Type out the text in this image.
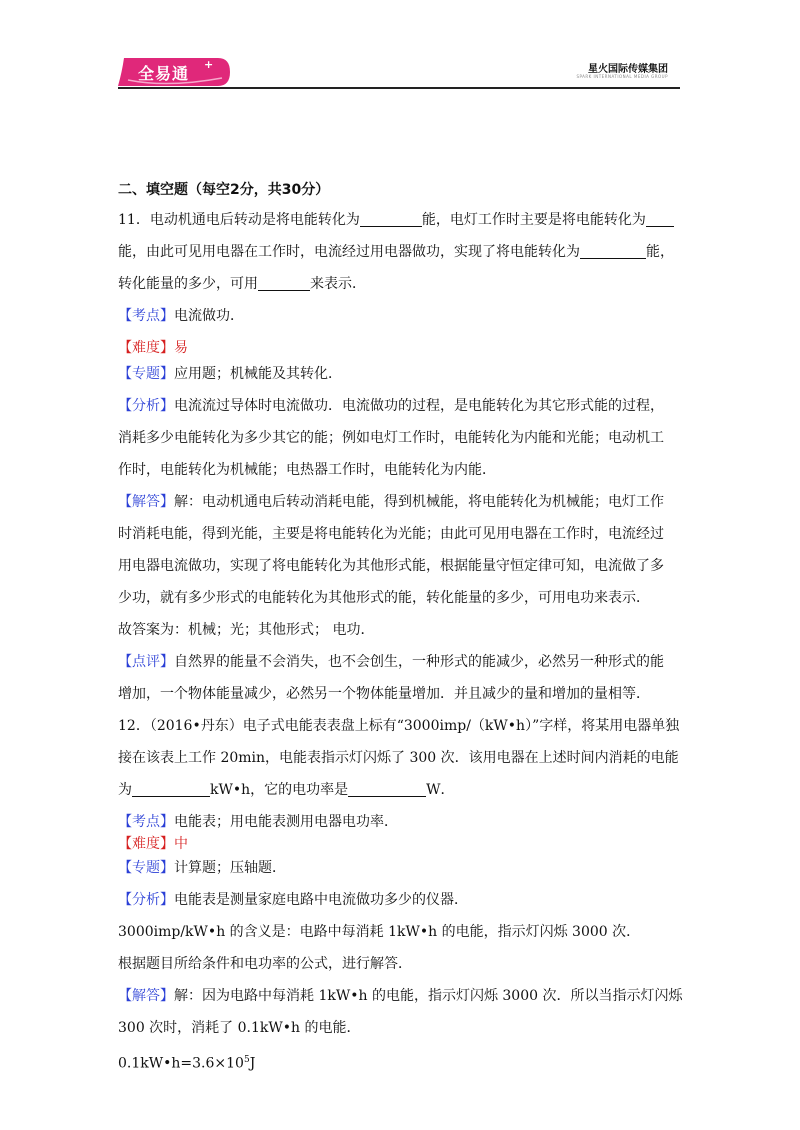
全易通 +	星火国际传媒集团
SPARK INTERNATIONAL MEDIA GROUP

二、填空题（每空2分，共30分）

11．电动机通电后转动是将电能转化为	能，电灯工作时主要是将电能转化为

能，由此可见用电器在工作时，电流经过用电器做功，实现了将电能转化为	能，

转化能量的多少，可用	来表示．

【考点】电流做功．

【难度】易

【专题】应用题；机械能及其转化．

【分析】电流流过导体时电流做功．电流做功的过程，是电能转化为其它形式能的过程，

消耗多少电能转化为多少其它的能；例如电灯工作时，电能转化为内能和光能；电动机工

作时，电能转化为机械能；电热器工作时，电能转化为内能．

【解答】解：电动机通电后转动消耗电能，得到机械能，将电能转化为机械能；电灯工作

时消耗电能，得到光能，主要是将电能转化为光能；由此可见用电器在工作时，电流经过

用电器电流做功，实现了将电能转化为其他形式能，根据能量守恒定律可知，电流做了多

少功，就有多少形式的电能转化为其他形式的能，转化能量的多少，可用电功来表示．

故答案为：机械；光；其他形式； 电功．

【点评】自然界的能量不会消失，也不会创生，一种形式的能减少，必然另一种形式的能

增加，一个物体能量减少，必然另一个物体能量增加．并且减少的量和增加的量相等．

12．（2016•丹东）电子式电能表表盘上标有“3000imp/（kW•h）”字样，将某用电器单独

接在该表上工作 20min，电能表指示灯闪烁了 300 次．该用电器在上述时间内消耗的电能

为	kW•h，它的电功率是	W．

【考点】电能表；用电能表测用电器电功率．

【难度】中

【专题】计算题；压轴题．

【分析】电能表是测量家庭电路中电流做功多少的仪器．

3000imp/kW•h 的含义是：电路中每消耗 1kW•h 的电能，指示灯闪烁 3000 次．

根据题目所给条件和电功率的公式，进行解答．

【解答】解：因为电路中每消耗 1kW•h 的电能，指示灯闪烁 3000 次．所以当指示灯闪烁

300 次时，消耗了 0.1kW•h 的电能．

$0.1kW•h=3.6\times 10^5J$
